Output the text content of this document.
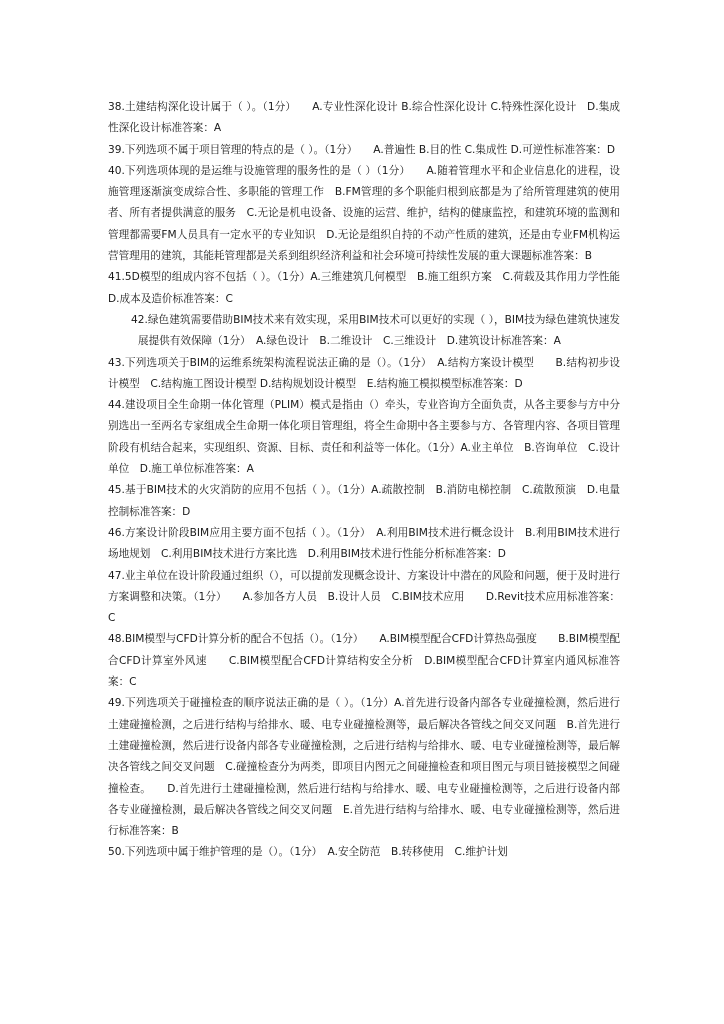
38.土建结构深化设计属于（ ）。（1分）　　A.专业性深化设计 B.综合性深化设计 C.特殊性深化设计　D.集成性深化设计标准答案：A

39.下列选项不属于项目管理的特点的是（ ）。（1分）　　A.普遍性 B.目的性 C.集成性 D.可逆性标准答案：D

40.下列选项体现的是运维与设施管理的服务性的是（ ）（1分）　　A.随着管理水平和企业信息化的进程，设施管理逐渐演变成综合性、多职能的管理工作　B.FM管理的多个职能归根到底都是为了给所管理建筑的使用者、所有者提供满意的服务　C.无论是机电设备、设施的运营、维护，结构的健康监控，和建筑环境的监测和管理都需要FM人员具有一定水平的专业知识　D.无论是组织自持的不动产性质的建筑，还是由专业FM机构运营管理用的建筑，其能耗管理都是关系到组织经济利益和社会环境可持续性发展的重大课题标准答案：B

41.5D模型的组成内容不包括（ ）。（1分）A.三维建筑几何模型　B.施工组织方案　C.荷载及其作用力学性能　　D.成本及造价标准答案：C

42.绿色建筑需要借助BIM技术来有效实现，采用BIM技术可以更好的实现（ ），BIM技为绿色建筑快速发展提供有效保障（1分）　A.绿色设计　B.二维设计　C.三维设计　D.建筑设计标准答案：A

43.下列选项关于BIM的运维系统架构流程说法正确的是（）。（1分）　A.结构方案设计模型　　B.结构初步设计模型　C.结构施工图设计模型 D.结构规划设计模型　E.结构施工模拟模型标准答案：D

44.建设项目全生命期一体化管理（PLIM）模式是指由（）牵头，专业咨询方全面负责，从各主要参与方中分别选出一至两名专家组成全生命期一体化项目管理组，将全生命期中各主要参与方、各管理内容、各项目管理阶段有机结合起来，实现组织、资源、目标、责任和利益等一体化。（1分）A.业主单位　B.咨询单位　C.设计单位　D.施工单位标准答案：A

45.基于BIM技术的火灾消防的应用不包括（ ）。（1分）A.疏散控制　B.消防电梯控制　C.疏散预演　D.电量控制标准答案：D

46.方案设计阶段BIM应用主要方面不包括（ ）。（1分）　A.利用BIM技术进行概念设计　B.利用BIM技术进行场地规划　C.利用BIM技术进行方案比选　D.利用BIM技术进行性能分析标准答案：D

47.业主单位在设计阶段通过组织（），可以提前发现概念设计、方案设计中潜在的风险和问题，便于及时进行方案调整和决策。（1分）　　A.参加各方人员　B.设计人员　C.BIM技术应用　　D.Revit技术应用标准答案：C

48.BIM模型与CFD计算分析的配合不包括（）。（1分）　　A.BIM模型配合CFD计算热岛强度　　B.BIM模型配合CFD计算室外风速　　C.BIM模型配合CFD计算结构安全分析　D.BIM模型配合CFD计算室内通风标准答案：C

49.下列选项关于碰撞检查的顺序说法正确的是（ ）。（1分）A.首先进行设备内部各专业碰撞检测，然后进行土建碰撞检测，之后进行结构与给排水、暖、电专业碰撞检测等，最后解决各管线之间交叉问题　B.首先进行土建碰撞检测，然后进行设备内部各专业碰撞检测，之后进行结构与给排水、暖、电专业碰撞检测等，最后解决各管线之间交叉问题　C.碰撞检查分为两类，即项目内图元之间碰撞检查和项目图元与项目链接模型之间碰撞检查。　　D.首先进行土建碰撞检测，然后进行结构与给排水、暖、电专业碰撞检测等，之后进行设备内部各专业碰撞检测，最后解决各管线之间交叉问题　E.首先进行结构与给排水、暖、电专业碰撞检测等，然后进行标准答案：B

50.下列选项中属于维护管理的是（）。（1分）　A.安全防范　B.转移使用　C.维护计划
